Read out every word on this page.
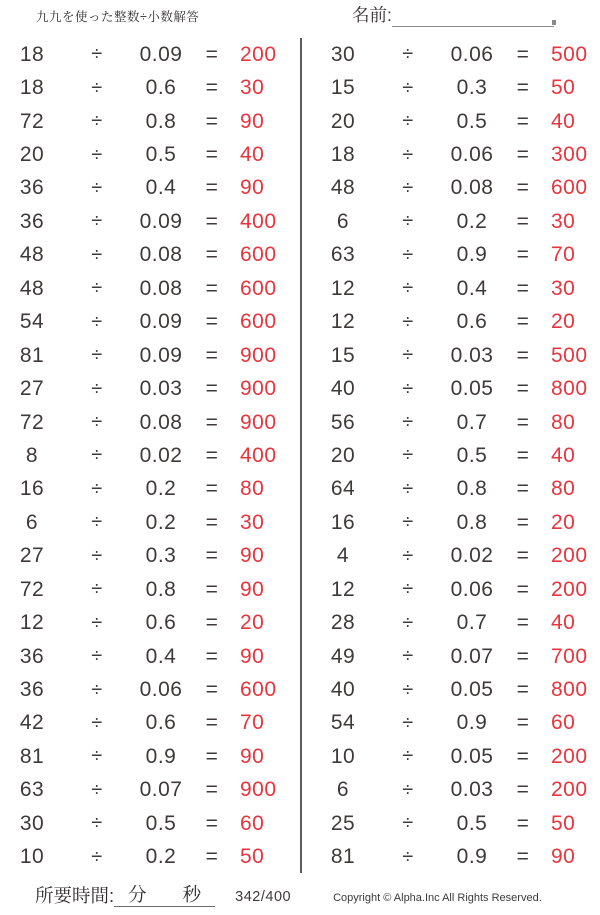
九九を使った整数÷小数解答	名前:
18	÷	0.09	=	200
18	÷	0.6	=	30
72	÷	0.8	=	90
20	÷	0.5	=	40
36	÷	0.4	=	90
36	÷	0.09	=	400
48	÷	0.08	=	600
48	÷	0.08	=	600
54	÷	0.09	=	600
81	÷	0.09	=	900
27	÷	0.03	=	900
72	÷	0.08	=	900
8	÷	0.02	=	400
16	÷	0.2	=	80
6	÷	0.2	=	30
27	÷	0.3	=	90
72	÷	0.8	=	90
12	÷	0.6	=	20
36	÷	0.4	=	90
36	÷	0.06	=	600
42	÷	0.6	=	70
81	÷	0.9	=	90
63	÷	0.07	=	900
30	÷	0.5	=	60
10	÷	0.2	=	50
30	÷	0.06	=	500
15	÷	0.3	=	50
20	÷	0.5	=	40
18	÷	0.06	=	300
48	÷	0.08	=	600
6	÷	0.2	=	30
63	÷	0.9	=	70
12	÷	0.4	=	30
12	÷	0.6	=	20
15	÷	0.03	=	500
40	÷	0.05	=	800
56	÷	0.7	=	80
20	÷	0.5	=	40
64	÷	0.8	=	80
16	÷	0.8	=	20
4	÷	0.02	=	200
12	÷	0.06	=	200
28	÷	0.7	=	40
49	÷	0.07	=	700
40	÷	0.05	=	800
54	÷	0.9	=	60
10	÷	0.05	=	200
6	÷	0.03	=	200
25	÷	0.5	=	50
81	÷	0.9	=	90
所要時間: 分 秒 342/400	Copyright © Alpha.Inc All Rights Reserved.
